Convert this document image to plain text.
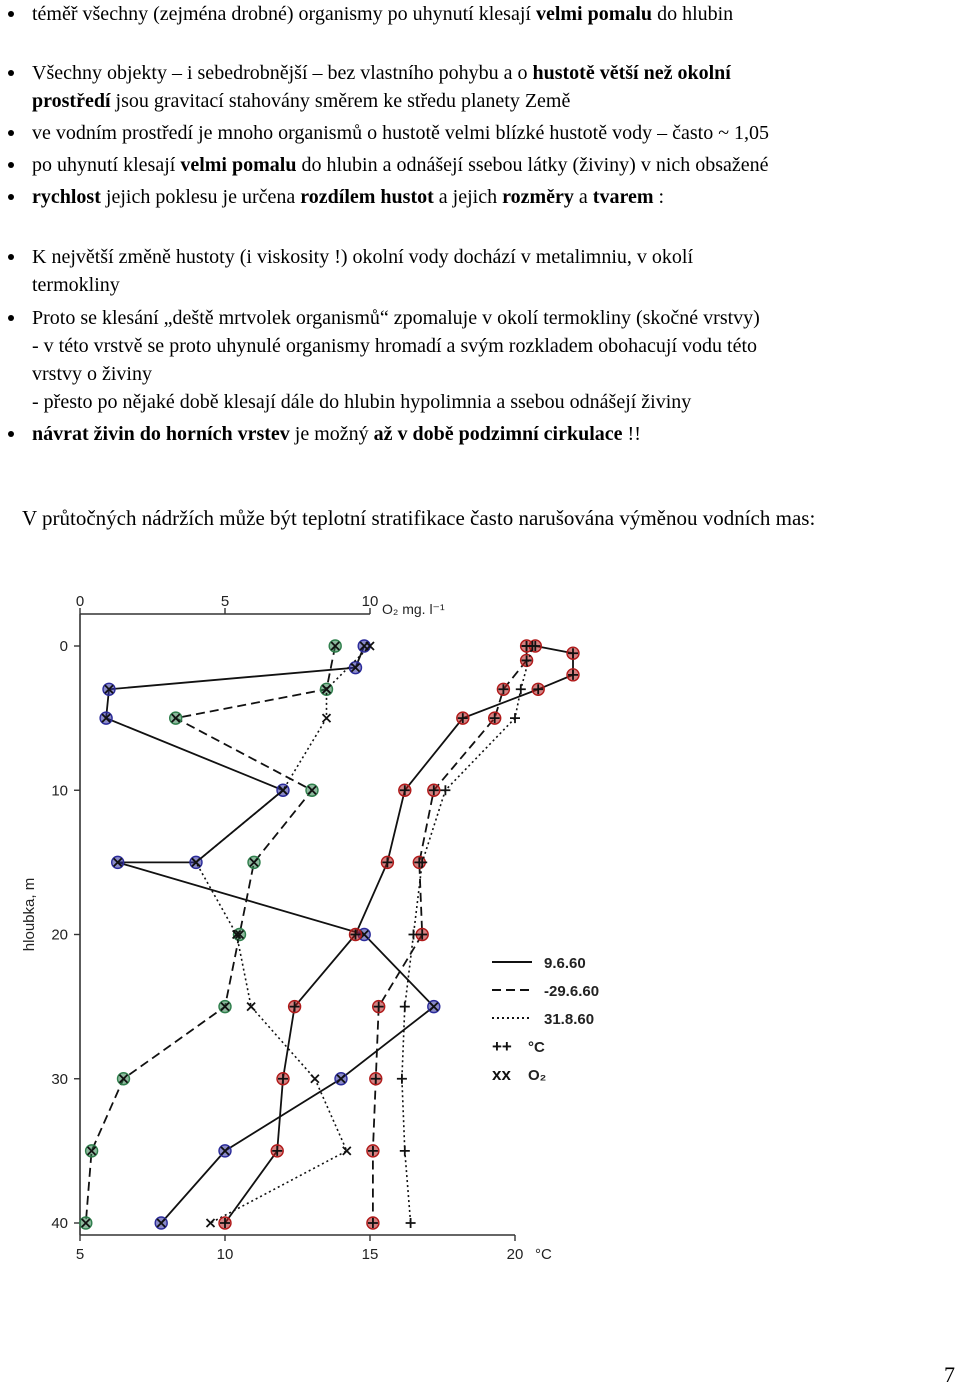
téměř všechny (zejména drobné) organismy po uhynutí klesají velmi pomalu do hlubin
Všechny objekty – i sebedrobnější – bez vlastního pohybu a o hustotě větší než okolní
prostředí jsou gravitací stahovány směrem ke středu planety Země
ve vodním prostředí je mnoho organismů o hustotě velmi blízké hustotě vody – často ~ 1,05
po uhynutí klesají velmi pomalu do hlubin a odnášejí ssebou látky (živiny) v nich obsažené
rychlost jejich poklesu je určena rozdílem hustot a jejich rozměry a tvarem :
K největší změně hustoty (i viskosity !) okolní vody dochází v metalimniu, v okolí
termokliny
Proto se klesání „deště mrtvolek organismů“ zpomaluje v okolí termokliny (skočné vrstvy)
- v této vrstvě se proto uhynulé organismy hromadí a svým rozkladem obohacují vodu této
vrstvy o živiny
- přesto po nějaké době klesají dále do hlubin hypolimnia a ssebou odnášejí živiny
návrat živin do horních vrstev je možný až v době podzimní cirkulace !!
V průtočných nádržích může být teplotní stratifikace často narušována výměnou vodních mas:
0	5	10 O₂ mg. l⁻¹
5	10	15	20 °C
0
10
20
30
40
hloubka, m
9.6.60
-29.6.60
31.8.60
++ °C
xx O₂
7
